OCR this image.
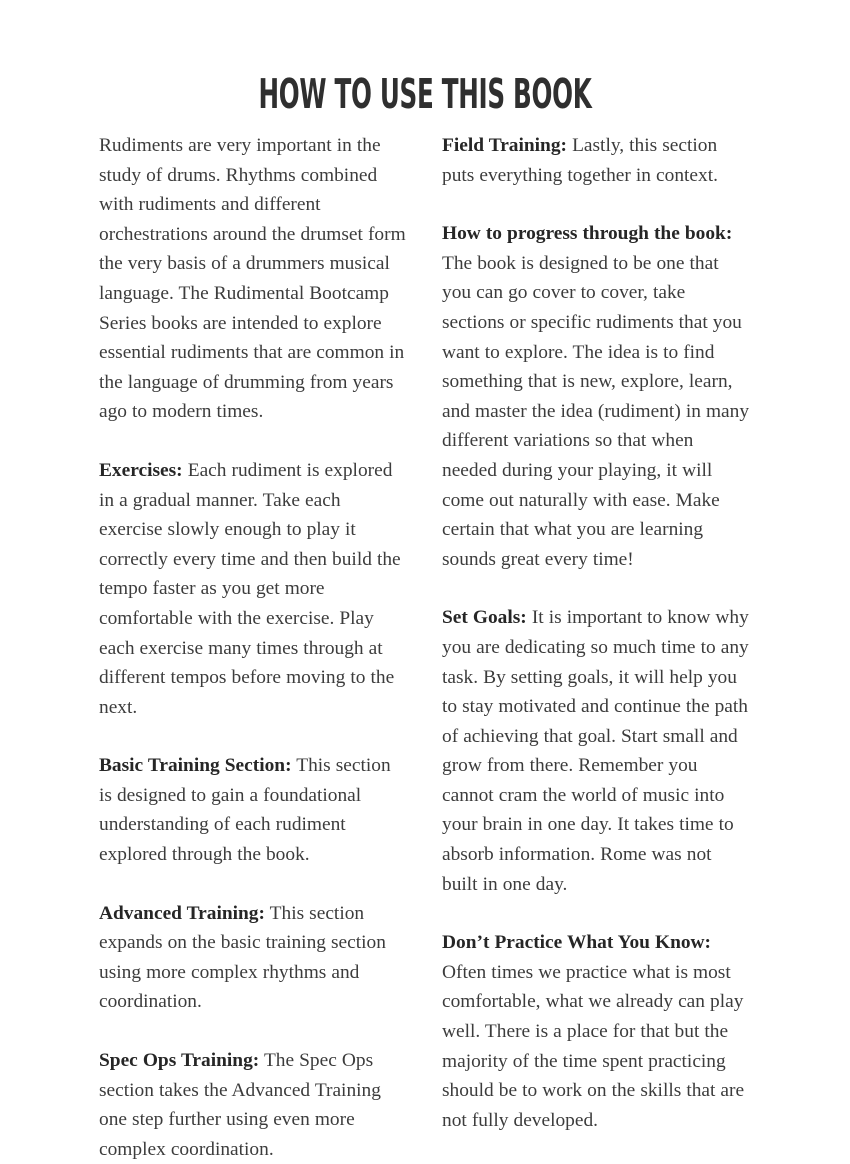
HOW TO USE THIS BOOK

Rudiments are very important in the study of drums. Rhythms combined with rudiments and different orchestrations around the drumset form the very basis of a drummers musical language. The Rudimental Bootcamp Series books are intended to explore essential rudiments that are common in the language of drumming from years ago to modern times.

Exercises: Each rudiment is explored in a gradual manner. Take each exercise slowly enough to play it correctly every time and then build the tempo faster as you get more comfortable with the exercise. Play each exercise many times through at different tempos before moving to the next.

Basic Training Section: This section is designed to gain a foundational understanding of each rudiment explored through the book.

Advanced Training: This section expands on the basic training section using more complex rhythms and coordination.

Spec Ops Training: The Spec Ops section takes the Advanced Training one step further using even more complex coordination.

Field Training: Lastly, this section puts everything together in context.

How to progress through the book:
The book is designed to be one that you can go cover to cover, take sections or specific rudiments that you want to explore. The idea is to find something that is new, explore, learn, and master the idea (rudiment) in many different variations so that when needed during your playing, it will come out naturally with ease. Make certain that what you are learning sounds great every time!

Set Goals: It is important to know why you are dedicating so much time to any task. By setting goals, it will help you to stay motivated and continue the path of achieving that goal. Start small and grow from there. Remember you cannot cram the world of music into your brain in one day. It takes time to absorb information. Rome was not built in one day.

Don’t Practice What You Know:
Often times we practice what is most comfortable, what we already can play well. There is a place for that but the majority of the time spent practicing should be to work on the skills that are not fully developed.
